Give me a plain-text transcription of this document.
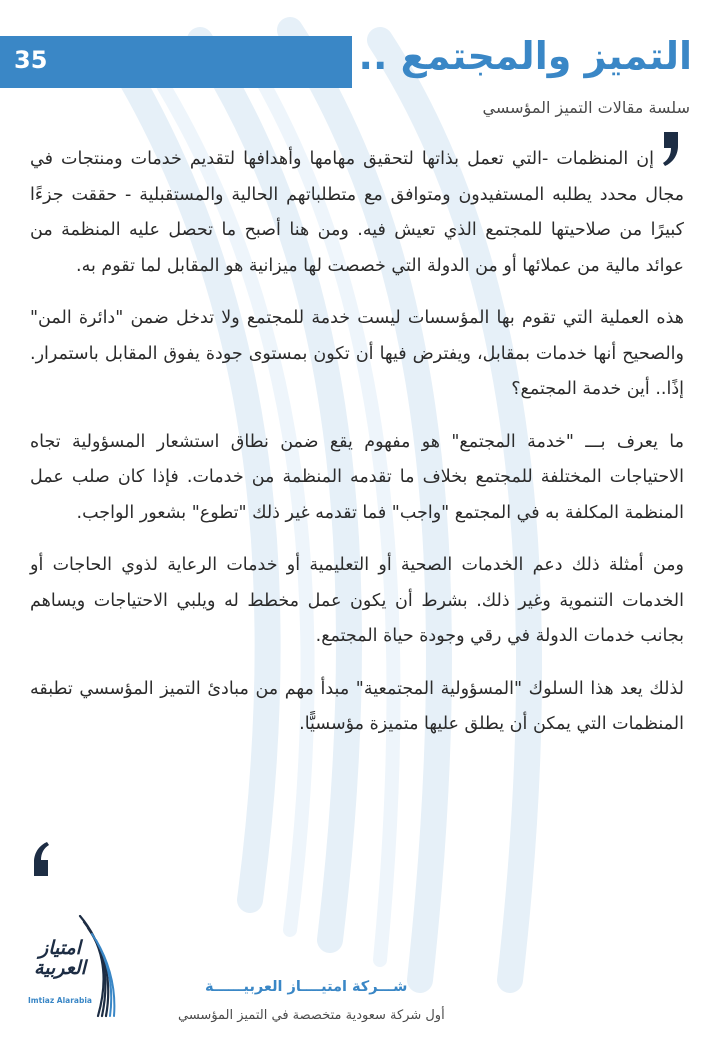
35	التميز والمجتمع ..
سلسة مقالات التميز المؤسسي

إن المنظمات -التي تعمل بذاتها لتحقيق مهامها وأهدافها لتقديم خدمات ومنتجات في مجال محدد يطلبه المستفيدون ومتوافق مع متطلباتهم الحالية والمستقبلية - حققت جزءًا كبيرًا من صلاحيتها للمجتمع الذي تعيش فيه. ومن هنا أصبح ما تحصل عليه المنظمة من عوائد مالية من عملائها أو من الدولة التي خصصت لها ميزانية هو المقابل لما تقوم به.

هذه العملية التي تقوم بها المؤسسات ليست خدمة للمجتمع ولا تدخل ضمن "دائرة المن" والصحيح أنها خدمات بمقابل، ويفترض فيها أن تكون بمستوى جودة يفوق المقابل باستمرار. إذًا.. أين خدمة المجتمع؟

ما يعرف بـــ "خدمة المجتمع" هو مفهوم يقع ضمن نطاق استشعار المسؤولية تجاه الاحتياجات المختلفة للمجتمع بخلاف ما تقدمه المنظمة من خدمات. فإذا كان صلب عمل المنظمة المكلفة به في المجتمع "واجب" فما تقدمه غير ذلك "تطوع" بشعور الواجب.

ومن أمثلة ذلك دعم الخدمات الصحية أو التعليمية أو خدمات الرعاية لذوي الحاجات أو الخدمات التنموية وغير ذلك. بشرط أن يكون عمل مخطط له ويلبي الاحتياجات ويساهم بجانب خدمات الدولة في رقي وجودة حياة المجتمع.

لذلك يعد هذا السلوك "المسؤولية المجتمعية" مبدأ مهم من مبادئ التميز المؤسسي تطبقه المنظمات التي يمكن أن يطلق عليها متميزة مؤسسيًّا.

امتياز العربية
Imtiaz Alarabia
شـــركة امتيــــاز العربيــــــة
أول شركة سعودية متخصصة في التميز المؤسسي
